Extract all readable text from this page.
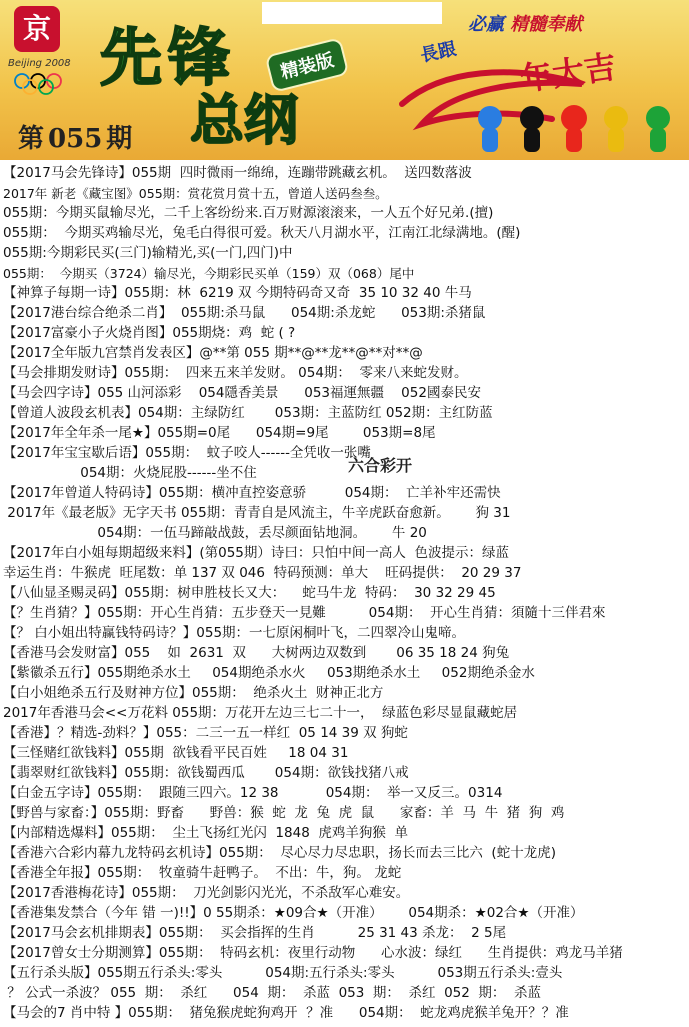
京
Beijing 2008 先锋	精装版
总纲
必赢 精髓奉献
長跟 年大吉
第 055 期
【2017马会先锋诗】055期  四时微雨一绵绵，连蹦带跳藏玄机。  送四数落波
2017年 新老《藏宝图》055期：赏花赏月赏十五，曾道人送码叁叁。
055期：今期买鼠输尽光，二千上客纷纷来.百万财源滚滚来，一人五个好兄弟.(擅)
055期：  今期买鸡输尽光，兔毛白得很可爱。秋天八月湖水平，江南江北绿满地。(醒)
055期:今期彩民买(三门)输精光,买(一门,四门)中
055期：  今期买（3724）输尽光，今期彩民买单（159）双（068）尾中
【神算子每期一诗】055期：林  6219 双 今期特码奇又奇  35 10 32 40 牛马
【2017港台综合绝杀二肖】  055期:杀马鼠      054期:杀龙蛇      053期:杀猪鼠
【2017富豪小子火烧肖图】055期烧：鸡  蛇 ( ?
【2017全年版九宫禁肖发表区】@**第 055 期**@**龙**@**对**@
【马会排期发财诗】055期：  四来五来羊发财。 054期：  零来八来蛇发财。
【马会四字诗】055 山河添彩    054隱香美景      053福運無疆    052國泰民安
【曾道人波段玄机表】054期：主绿防红       053期：主蓝防红 052期：主红防蓝
【2017年全年杀一尾★】055期=0尾      054期=9尾        053期=8尾
【2017年宝宝歇后语】055期：  蚊子咬人------全凭收一张嘴
054期：火烧屁股------坐不住
【2017年曾道人特码诗】055期：横冲直控姿意骄         054期：  亡羊补牢还需快
2017年《最老版》无字天书 055期：青青自是风流主，牛辛虎跃奋愈新。      狗 31
054期：一伍马蹄敲战鼓，丢尽颜面钻地洞。      牛 20
【2017年白小姐每期超级来料】(第055期）诗曰：只怕中间一高人  色波提示：绿蓝
幸运生肖：牛猴虎  旺尾数：单 137 双 046  特码预测：单大    旺码提供：  20 29 37
【八仙显圣赐灵码】055期：树申胜枝长又大：    蛇马牛龙  特码：  30 32 29 45
【？生肖猜？】055期：开心生肖猜：五步登天一見難          054期：  开心生肖猜：須隨十三伴君來
【？ 白小姐出特赢钱特码诗？】055期：一七原闲桐叶飞，二四翠冷山鬼啼。
【香港马会发财富】055    如  2631  双      大树两边双数到       06 35 18 24 狗兔
【紫徽杀五行】055期绝杀水土     054期绝杀水火     053期绝杀水土     052期绝杀金水
【白小姐绝杀五行及财神方位】055期：  绝杀火土  财神正北方
2017年香港马会<<万花料 055期：万花开左边三七二十一，  绿蓝色彩尽显鼠藏蛇居
【香港】？精选-劲料？】055：二三一五一样红  05 14 39 双 狗蛇
【三怪赌红欲钱料】055期  欲钱看平民百姓     18 04 31
【翡翠财红欲钱料】055期：欲钱蜀西瓜       054期：欲钱找猪八戒
【白金五字诗】055期：  跟随三四六。12 38           054期：  举一又反三。0314
【野兽与家畜：】055期：野畜      野兽：猴  蛇  龙  兔  虎  鼠      家畜：羊  马  牛  猪  狗  鸡
【内部精选爆料】055期：  尘土飞扬红光闪  1848  虎鸡羊狗猴  单
【香港六合彩内幕九龙特码玄机诗】055期：  尽心尽力尽忠职，扬长而去三比六  (蛇十龙虎)
【香港全年报】055期：  牧童骑牛赶鸭子。  不出：牛，狗。 龙蛇
【2017香港梅花诗】055期：  刀光剑影闪光光，不杀敌军心难安。
【香港集发禁合（今年 错 一)!!】0 55期杀：★09合★（开准）      054期杀：★02合★（开准）
【2017马会玄机排期表】055期：  买会指挥的生肖          25 31 43 杀龙：  2 5尾
【2017曾女士分期测算】055期：  特码玄机：夜里行动物      心水波：绿红      生肖提供：鸡龙马羊猪
【五行杀头版】055期五行杀头:零头          054期:五行杀头:零头          053期五行杀头:壹头
？ 公式一杀波？ 055  期：  杀红      054  期：  杀蓝  053  期：  杀红  052  期：  杀蓝
【马会的7 肖中特 】055期：  猪兔猴虎蛇狗鸡开  ？准      054期：  蛇龙鸡虎猴羊兔开？？准
六合彩开
